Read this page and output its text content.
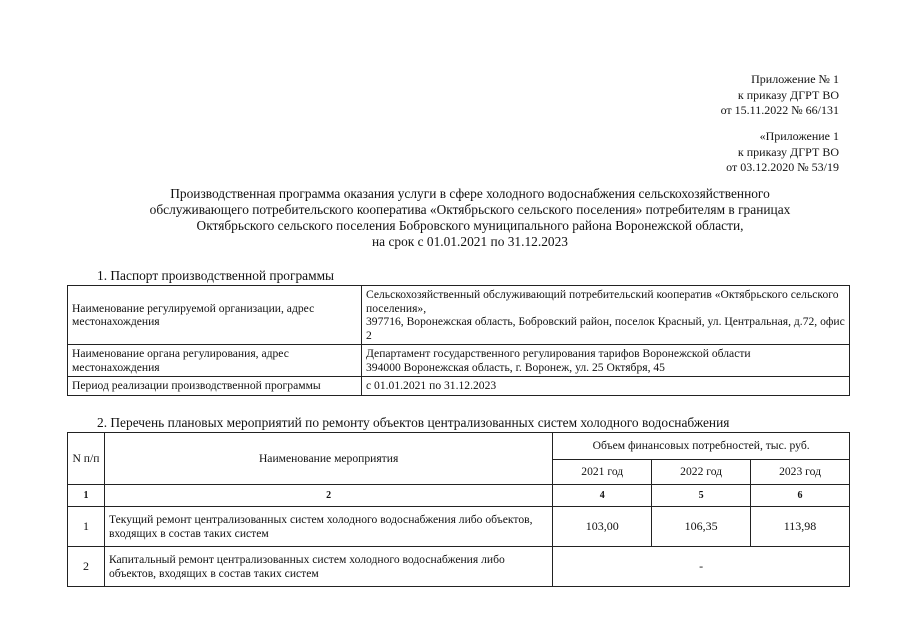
Приложение № 1
к приказу ДГРТ ВО
от 15.11.2022 № 66/131
«Приложение 1
к приказу ДГРТ ВО
от 03.12.2020 № 53/19
Производственная программа оказания услуги в сфере холодного водоснабжения сельскохозяйственного
обслуживающего потребительского кооператива «Октябрьского сельского поселения» потребителям в границах
Октябрьского сельского поселения Бобровского муниципального района Воронежской области,
на срок с 01.01.2021 по 31.12.2023
1. Паспорт производственной программы
Наименование регулируемой организации, адрес местонахождения	Сельскохозяйственный обслуживающий потребительский кооператив «Октябрьского сельского поселения»,
397716, Воронежская область, Бобровский район, поселок Красный, ул. Центральная, д.72, офис 2

Наименование органа регулирования, адрес местонахождения	Департамент государственного регулирования тарифов Воронежской области
394000 Воронежская область, г. Воронеж, ул. 25 Октября, 45

Период реализации производственной программы	с 01.01.2021 по 31.12.2023
2. Перечень плановых мероприятий по ремонту объектов централизованных систем холодного водоснабжения
N п/п	Наименование мероприятия	Объем финансовых потребностей, тыс. руб.		
		2021 год	2022 год	2023 год
1	2	4	5	6
1	Текущий ремонт централизованных систем холодного водоснабжения либо объектов, входящих в состав таких систем	103,00	106,35	113,98
2	Капитальный ремонт централизованных систем холодного водоснабжения либо объектов, входящих в состав таких систем	-		
